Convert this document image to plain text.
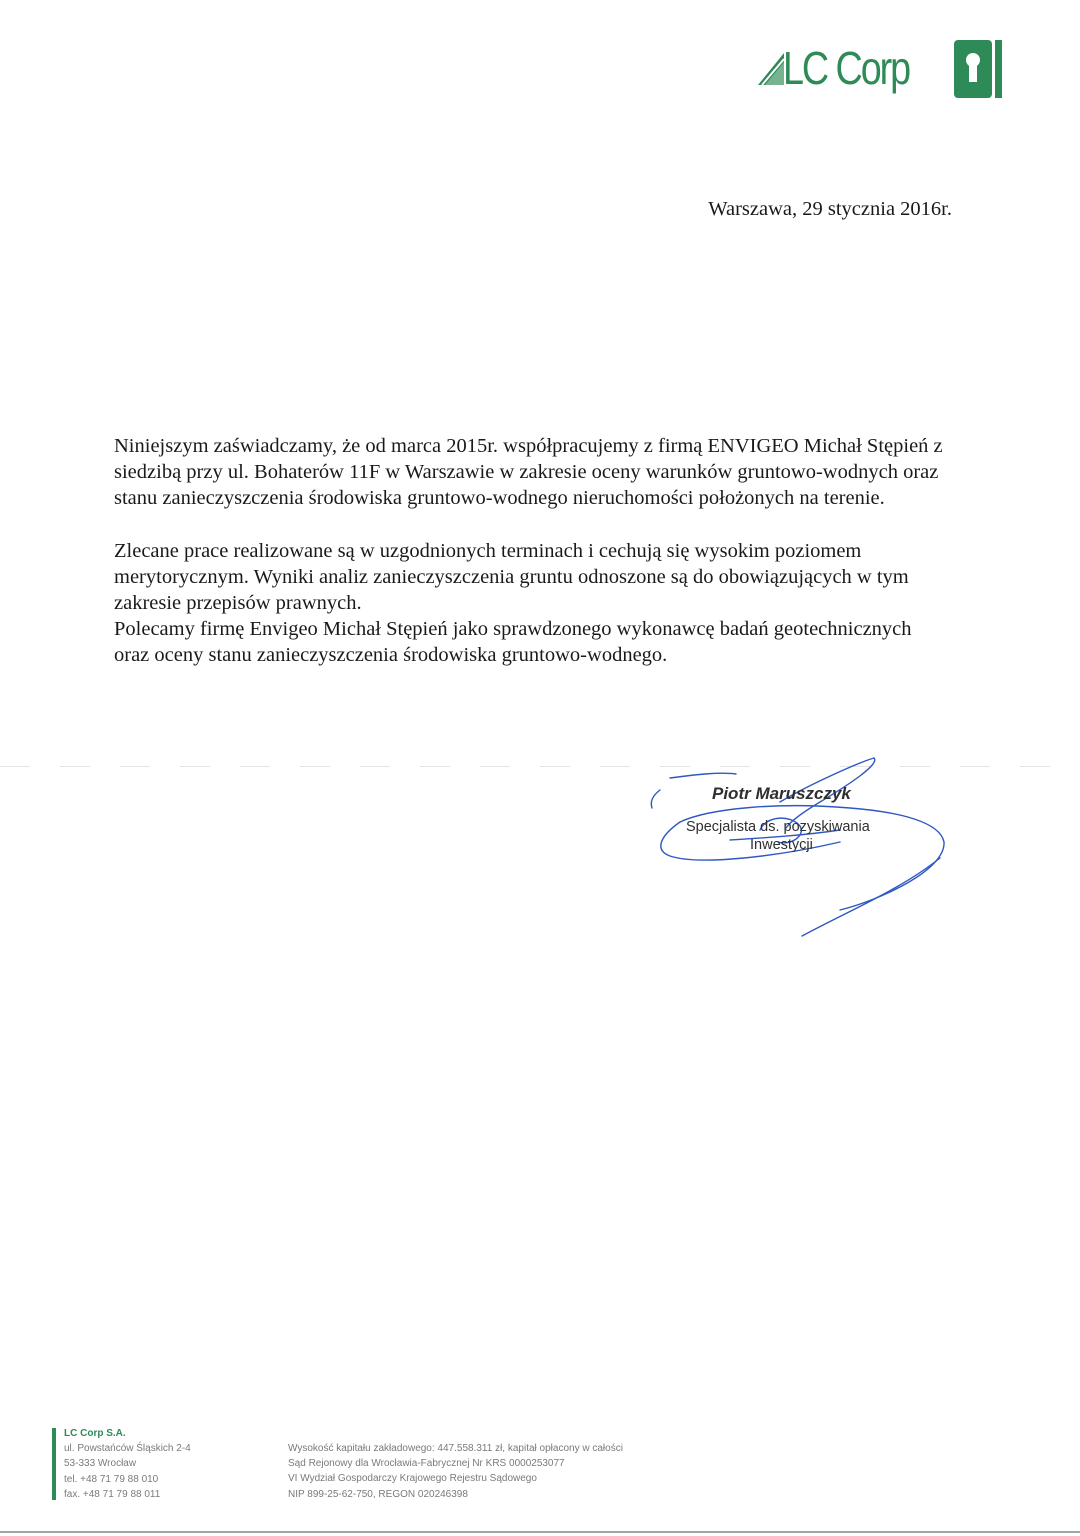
LC Corp
Warszawa, 29 stycznia 2016r.

Niniejszym zaświadczamy, że od marca 2015r. współpracujemy z firmą ENVIGEO Michał Stępień z siedzibą przy ul. Bohaterów 11F w Warszawie w zakresie oceny warunków gruntowo-wodnych oraz stanu zanieczyszczenia środowiska gruntowo-wodnego nieruchomości położonych na terenie.

Zlecane prace realizowane są w uzgodnionych terminach i cechują się wysokim poziomem merytorycznym. Wyniki analiz zanieczyszczenia gruntu odnoszone są do obowiązujących w tym zakresie przepisów prawnych.

Polecamy firmę Envigeo Michał Stępień jako sprawdzonego wykonawcę badań geotechnicznych oraz oceny stanu zanieczyszczenia środowiska gruntowo-wodnego.

Piotr Maruszczyk
Specjalista ds. pozyskiwania
Inwestycji
LC Corp S.A.
ul. Powstańców Śląskich 2-4
53-333 Wrocław
tel. +48 71 79 88 010
fax. +48 71 79 88 011
Wysokość kapitału zakładowego: 447.558.311 zł, kapitał opłacony w całości
Sąd Rejonowy dla Wrocławia-Fabrycznej Nr KRS 0000253077
VI Wydział Gospodarczy Krajowego Rejestru Sądowego
NIP 899-25-62-750, REGON 020246398
